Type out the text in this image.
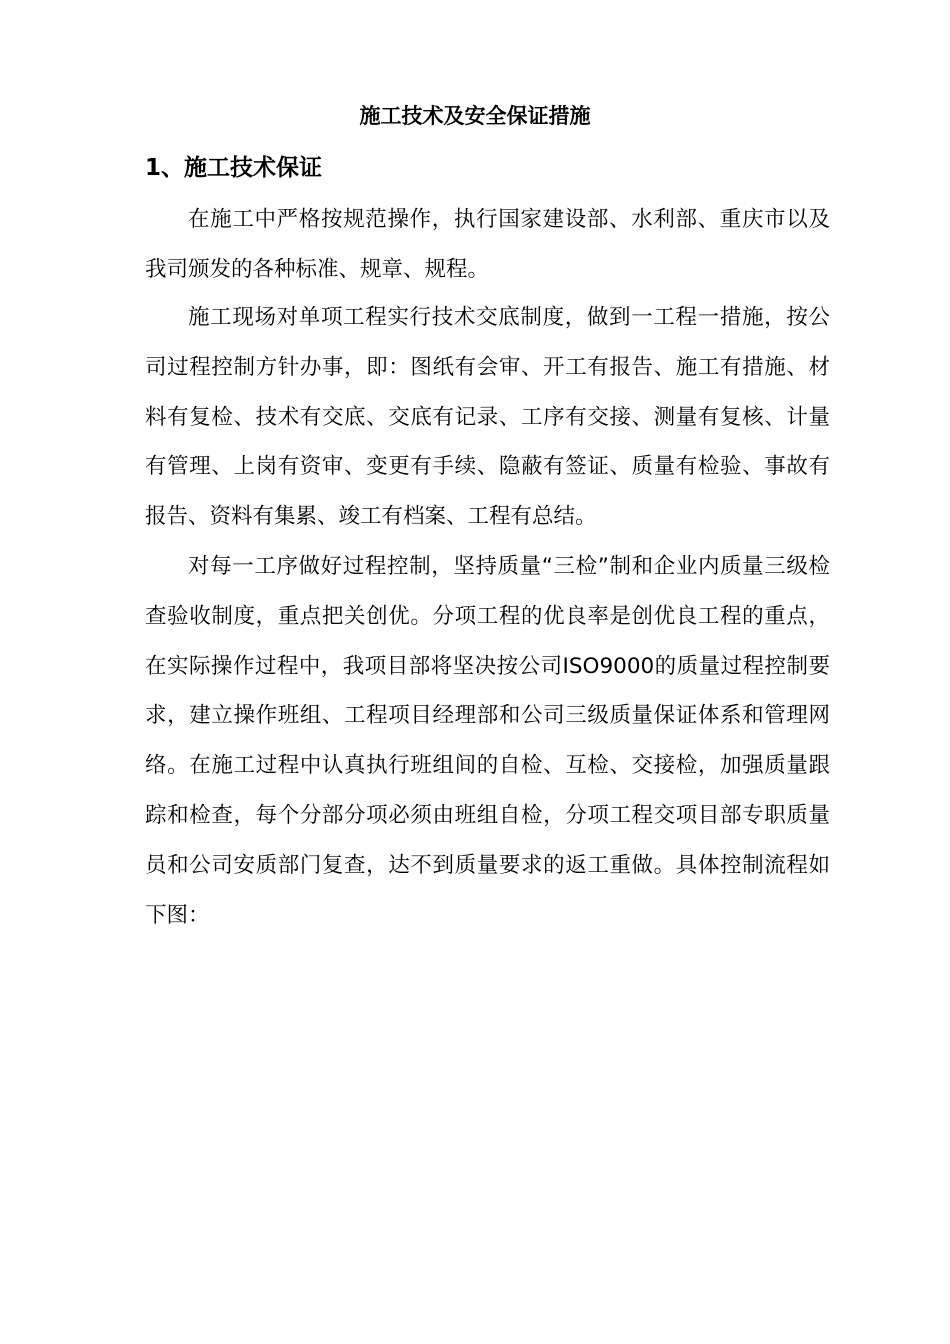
施工技术及安全保证措施
1、施工技术保证

在施工中严格按规范操作，执行国家建设部、水利部、重庆市以及我司颁发的各种标准、规章、规程。

施工现场对单项工程实行技术交底制度，做到一工程一措施，按公司过程控制方针办事，即：图纸有会审、开工有报告、施工有措施、材料有复检、技术有交底、交底有记录、工序有交接、测量有复核、计量有管理、上岗有资审、变更有手续、隐蔽有签证、质量有检验、事故有报告、资料有集累、竣工有档案、工程有总结。

对每一工序做好过程控制，坚持质量“三检”制和企业内质量三级检查验收制度，重点把关创优。分项工程的优良率是创优良工程的重点，在实际操作过程中，我项目部将坚决按公司ISO9000的质量过程控制要求，建立操作班组、工程项目经理部和公司三级质量保证体系和管理网络。在施工过程中认真执行班组间的自检、互检、交接检，加强质量跟踪和检查，每个分部分项必须由班组自检，分项工程交项目部专职质量员和公司安质部门复查，达不到质量要求的返工重做。具体控制流程如下图：
